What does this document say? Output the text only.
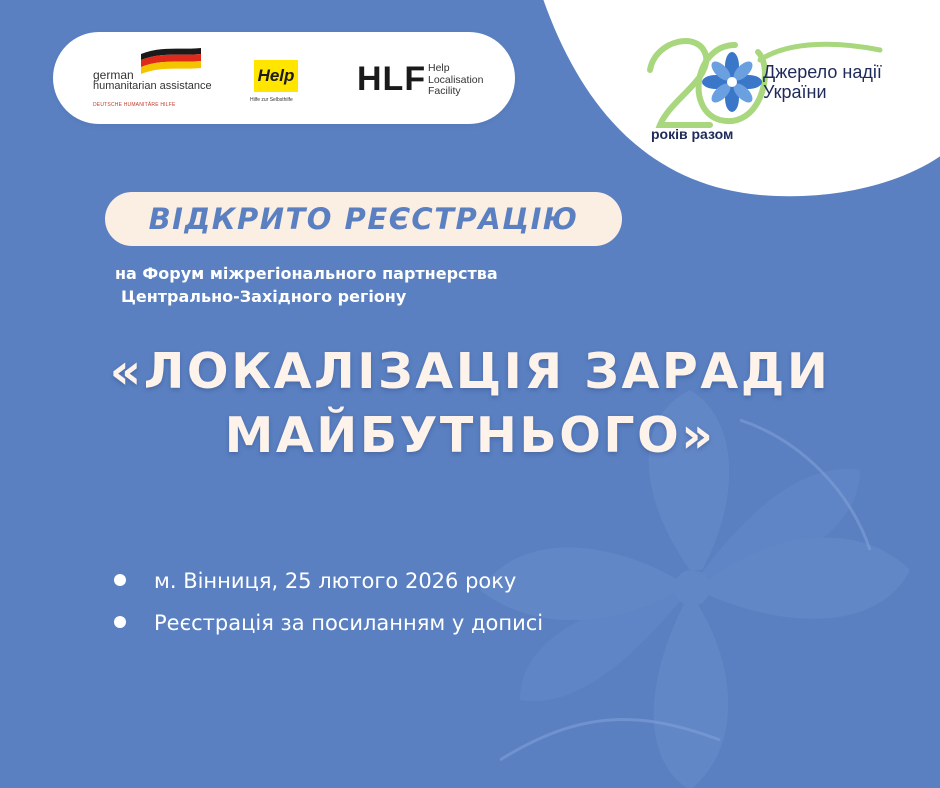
german
humanitarian assistance
DEUTSCHE HUMANITÄRE HILFE
Help
Hilfe zur Selbsthilfe
HLF Help
Localisation
Facility
Джерело надії
України
років разом
ВІДКРИТО РЕЄСТРАЦІЮ
на Форум міжрегіонального партнерства
Центрально-Західного регіону
«ЛОКАЛІЗАЦІЯ ЗАРАДИ
МАЙБУТНЬОГО»
м. Вінниця, 25 лютого 2026 року
Реєстрація за посиланням у дописі
